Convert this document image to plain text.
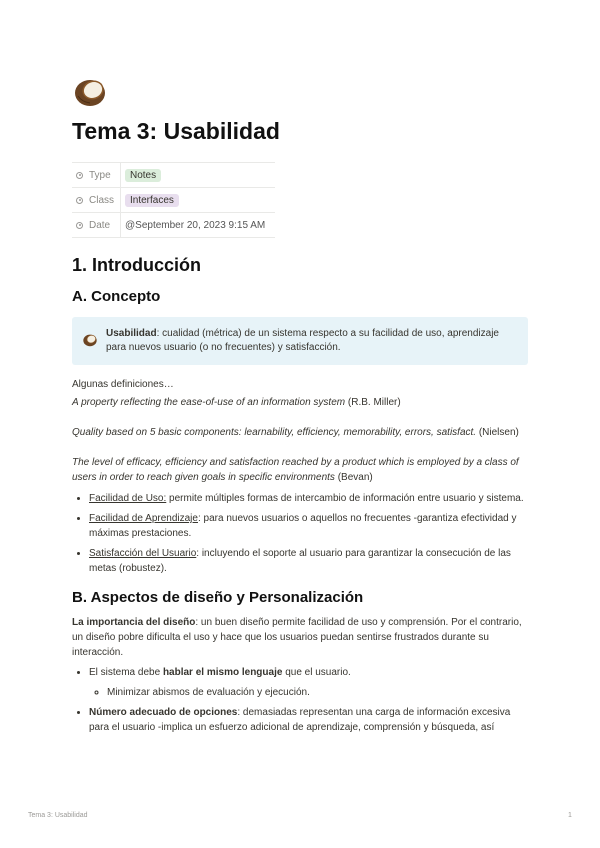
Tema 3: Usabilidad
Type	Notes
Class	Interfaces
Date	@September 20, 2023 9:15 AM
1. Introducción
A. Concepto
Usabilidad: cualidad (métrica) de un sistema respecto a su facilidad de uso, aprendizaje para nuevos usuario (o no frecuentes) y satisfacción.

Algunas definiciones…

A property reflecting the ease-of-use of an information system (R.B. Miller)

Quality based on 5 basic components: learnability, efficiency, memorability, errors, satisfact. (Nielsen)

The level of efficacy, efficiency and satisfaction reached by a product which is employed by a class of users in order to reach given goals in specific environments (Bevan)

• Facilidad de Uso: permite múltiples formas de intercambio de información entre usuario y sistema.
• Facilidad de Aprendizaje: para nuevos usuarios o aquellos no frecuentes -garantiza efectividad y máximas prestaciones.
• Satisfacción del Usuario: incluyendo el soporte al usuario para garantizar la consecución de las metas (robustez).
B. Aspectos de diseño y Personalización

La importancia del diseño: un buen diseño permite facilidad de uso y comprensión. Por el contrario, un diseño pobre dificulta el uso y hace que los usuarios puedan sentirse frustrados durante su interacción.

• El sistema debe hablar el mismo lenguaje que el usuario.
◦ Minimizar abismos de evaluación y ejecución.
• Número adecuado de opciones: demasiadas representan una carga de información excesiva para el usuario -implica un esfuerzo adicional de aprendizaje, comprensión y búsqueda, así
Tema 3: Usabilidad	1
